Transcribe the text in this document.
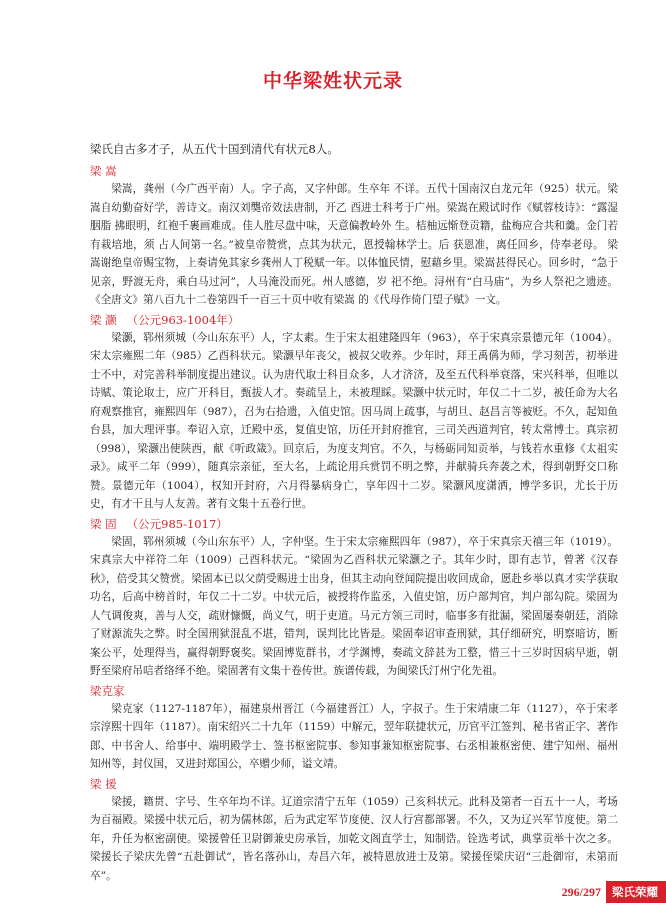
中华梁姓状元录

梁氏自古多才子，从五代十国到清代有状元8人。

梁 嵩

梁嵩，龚州（今广西平南）人。字子高，又字仲郎。生卒年 不详。五代十国南汉白龙元年（925）状元。梁嵩自幼勤奋好学，善诗文。南汉刘龑帝效法唐制，开乙 酉进士科考于广州。梁嵩在殿试时作《赋蓉枝诗》：“露湿胭脂 拂眼明，红袍千裹画难成。佳人胜尽盘中味，天意偏教岭外 生。桔柚远惭登贡籍，盐梅应合共和羹。金门若有栽培地，须 占人间第一名。”被皇帝赞赏，点其为状元，恩授翰林学士。后 获恩准，离任回乡，侍奉老母。 梁嵩谢绝皇帝赐宝物，上奏请免其家乡龚州人丁税赋一年。以体恤民情，慰藉乡里。梁嵩甚得民心。回乡时，“急于 见亲，野渡无舟，乘白马过河”，人马淹没而死。州人感德，岁 祀不绝。浔州有“白马庙”，为乡人祭祀之遗迹。 《全唐文》第八百九十二卷第四千一百三十页中收有梁嵩 的《代母作倚门望子赋》一文。

梁 灏 （公元963-1004年）

梁灏，郓州须城（今山东东平）人，字太素。生于宋太祖建隆四年（963），卒于宋真宗景德元年（1004）。宋太宗雍熙二年（985）乙酉科状元。梁灏早年丧父，被叔父收养。少年时，拜王禹偁为师，学习刻苦，初举进士不中，对完善科举制度提出建议。认为唐代取士科目众多，人才济济，及至五代科举衰落，宋兴科举，但唯以诗赋、策论取士，应广开科目，甄拔人才。奏疏呈上，未被理睬。梁灏中状元时，年仅二十二岁，被任命为大名府观察推官，雍熙四年（987），召为右拾遗，入值史馆。因马周上疏事，与胡旦、赵昌言等被贬。不久，起知鱼台县，加大理评事。奉诏入京，迁殿中丞，复值史馆，历任开封府推官，三司关西道判官，转太常博士。真宗初（998），梁灏出使陕西，献《听政箴》。回京后，为度支判官。不久，与杨砺同知贡举，与钱若水重修《太祖实录》。咸平二年（999），随真宗亲征，至大名，上疏论用兵赏罚不明之弊，并献骑兵奔袭之术，得到朝野交口称赞。景德元年（1004），权知开封府，六月得暴病身亡，享年四十二岁。梁灏风度潇洒，博学多识，尤长于历史，有才干且与人友善。著有文集十五卷行世。

梁 固 （公元985-1017）

梁固，郓州须城（今山东东平）人，字仲坚。生于宋太宗雍熙四年（987），卒于宋真宗天禧三年（1019）。宋真宗大中祥符二年（1009）己酉科状元。“梁固为乙酉科状元梁灏之子。其年少时，即有志节，曾著《汉春秋》，倍受其父赞赏。梁固本已以父荫受赐进士出身，但其主动向登闻院提出收回成命，愿赴乡举以真才实学获取功名，后高中榜首时，年仅二十二岁。中状元后，被授将作监丞，入值史馆，历户部判官，判户部勾院。梁固为人气调俊爽，善与人交，疏财慷慨，尚义气，明于吏道。马元方领三司时，临事多有批漏，梁固屡奏朝廷，消除了财源流失之弊。时全国刑狱混乱不堪，错判，误判比比皆是。梁固奉诏审查刑狱，其仔细研究，明察暗访，断案公平，处理得当，赢得朝野褒奖。梁固博览群书，才学渊博，奏疏文辞甚为工整，惜三十三岁时因病早逝，朝野至梁府吊唁者络绎不绝。梁固著有文集十卷传世。族谱传载，为闽梁氏汀州宁化先祖。

梁克家

梁克家（1127-1187年），福建泉州晋江（今福建晋江）人，字叔子。生于宋靖康二年（1127），卒于宋孝宗淳熙十四年（1187）。南宋绍兴二十九年（1159）中解元，翌年联捷状元，历官平江签判、秘书省正字、著作郎、中书舍人、给事中、端明殿学士、签书枢密院事、参知事兼知枢密院事、右丞相兼枢密使、建宁知州、福州知州等，封仪国，又进封郑国公，卒赠少师，谥文靖。

梁 援

梁援，籍贯、字号、生卒年均不详。辽道宗清宁五年（1059）己亥科状元。此科及第者一百五十一人，考场为百福殿。梁援中状元后，初为儒林郎，后为武定军节度使、汉人行宫都部署。不久，又为辽兴军节度使。第二年，升任为枢密副使。梁援曾任卫尉御兼史房承旨，加乾文阁直学士，知制诰。铨选考试，典掌贡举十次之多。梁援长子梁庆先曾“五赴御试”，皆名落孙山，寿昌六年，被特恩放进士及第。梁援侄梁庆诏“三赴御帘，未第而卒”。

296/297 梁氏荣耀
